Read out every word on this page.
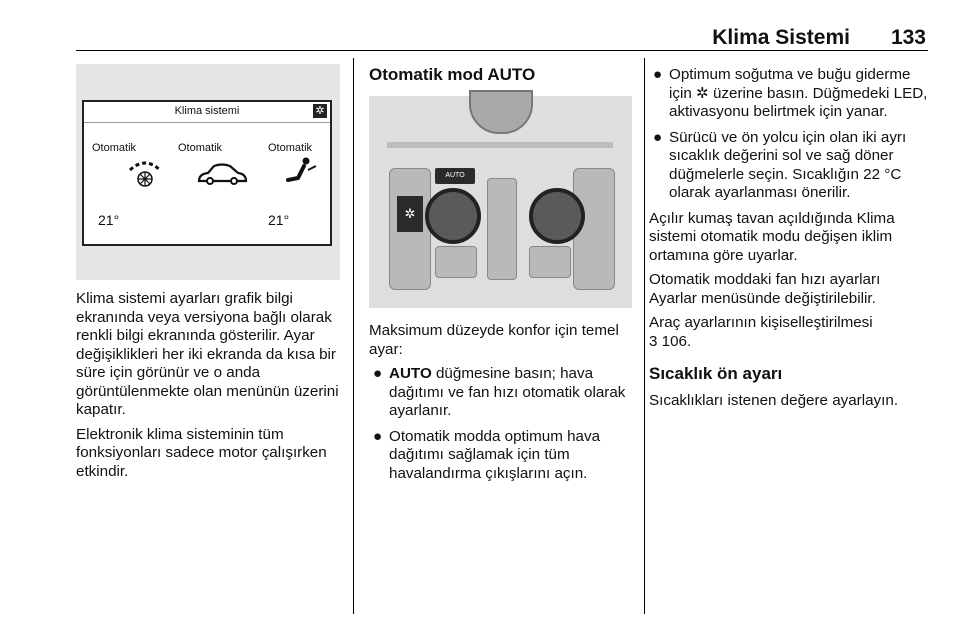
Klima Sistemi 133
Klima sistemi	✲
Otomatik	Otomatik	Otomatik
21°	21°

Klima sistemi ayarları grafik bilgi ekranında veya versiyona bağlı olarak renkli bilgi ekranında gösterilir. Ayar değişiklikleri her iki ekranda da kısa bir süre için görünür ve o anda görüntülenmekte olan menünün üzerini kapatır.

Elektronik klima sisteminin tüm fonksiyonları sadece motor çalışırken etkindir.

Otomatik mod AUTO
AUTO
✲

Maksimum düzeyde konfor için temel ayar:

● AUTO düğmesine basın; hava dağıtımı ve fan hızı otomatik olarak ayarlanır.
● Otomatik modda optimum hava dağıtımı sağlamak için tüm havalandırma çıkışlarını açın.
● Optimum soğutma ve buğu giderme için ✲ üzerine basın. Düğmedeki LED, aktivasyonu belirtmek için yanar.
● Sürücü ve ön yolcu için olan iki ayrı sıcaklık değerini sol ve sağ döner düğmelerle seçin. Sıcaklığın 22 °C olarak ayarlanması önerilir.

Açılır kumaş tavan açıldığında Klima sistemi otomatik modu değişen iklim ortamına göre uyarlar.

Otomatik moddaki fan hızı ayarları Ayarlar menüsünde değiştirilebilir.

Araç ayarlarının kişiselleştirilmesi
3 106.

Sıcaklık ön ayarı

Sıcaklıkları istenen değere ayarlayın.
